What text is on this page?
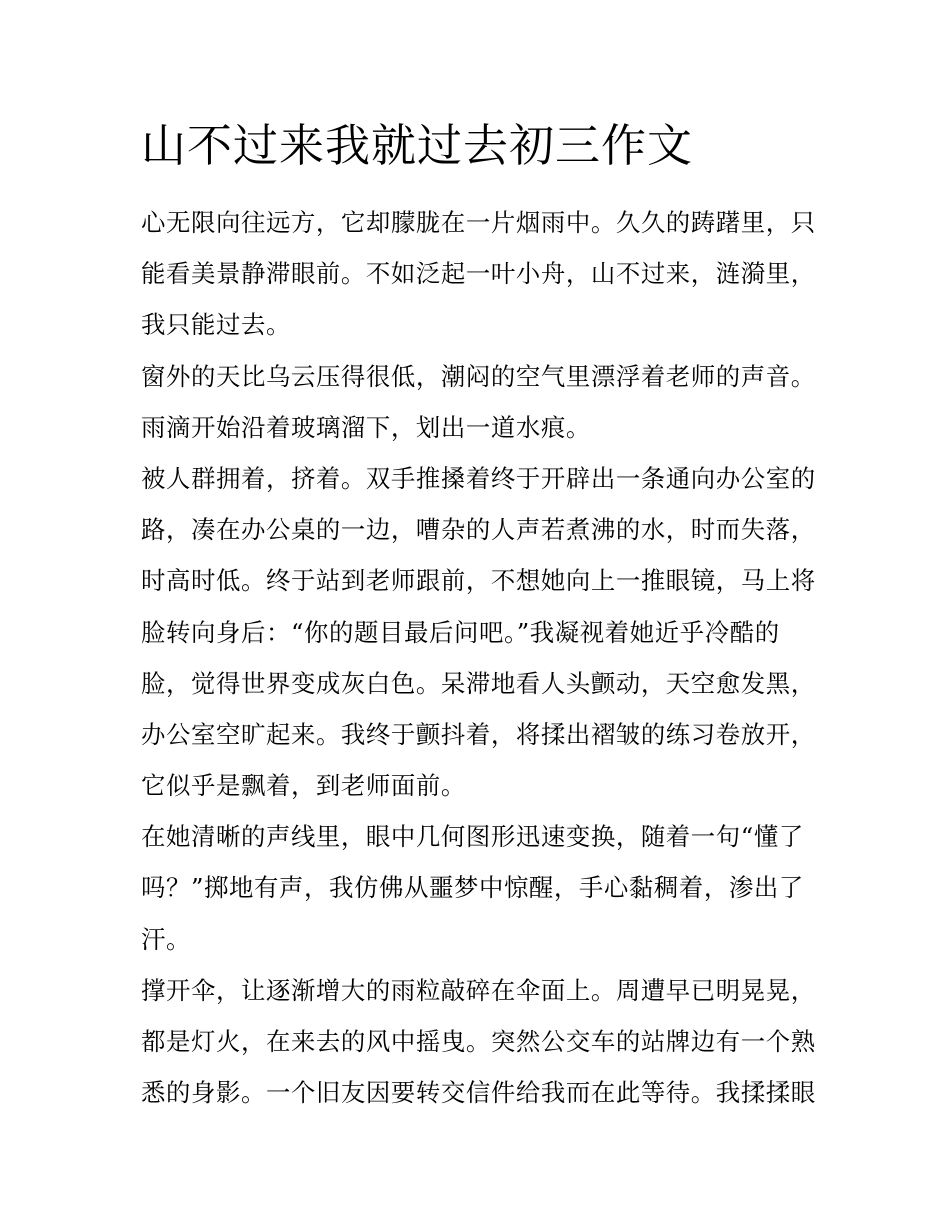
山不过来我就过去初三作文

心无限向往远方，它却朦胧在一片烟雨中。久久的踌躇里，只
能看美景静滞眼前。不如泛起一叶小舟，山不过来，涟漪里，
我只能过去。

窗外的天比乌云压得很低，潮闷的空气里漂浮着老师的声音。
雨滴开始沿着玻璃溜下，划出一道水痕。

被人群拥着，挤着。双手推搡着终于开辟出一条通向办公室的
路，凑在办公桌的一边，嘈杂的人声若煮沸的水，时而失落，
时高时低。终于站到老师跟前，不想她向上一推眼镜，马上将
脸转向身后：“你的题目最后问吧。”我凝视着她近乎冷酷的
脸，觉得世界变成灰白色。呆滞地看人头颤动，天空愈发黑，
办公室空旷起来。我终于颤抖着，将揉出褶皱的练习卷放开，
它似乎是飘着，到老师面前。

在她清晰的声线里，眼中几何图形迅速变换，随着一句“懂了
吗？”掷地有声，我仿佛从噩梦中惊醒，手心黏稠着，渗出了
汗。

撑开伞，让逐渐增大的雨粒敲碎在伞面上。周遭早已明晃晃，
都是灯火，在来去的风中摇曳。突然公交车的站牌边有一个熟
悉的身影。一个旧友因要转交信件给我而在此等待。我揉揉眼
